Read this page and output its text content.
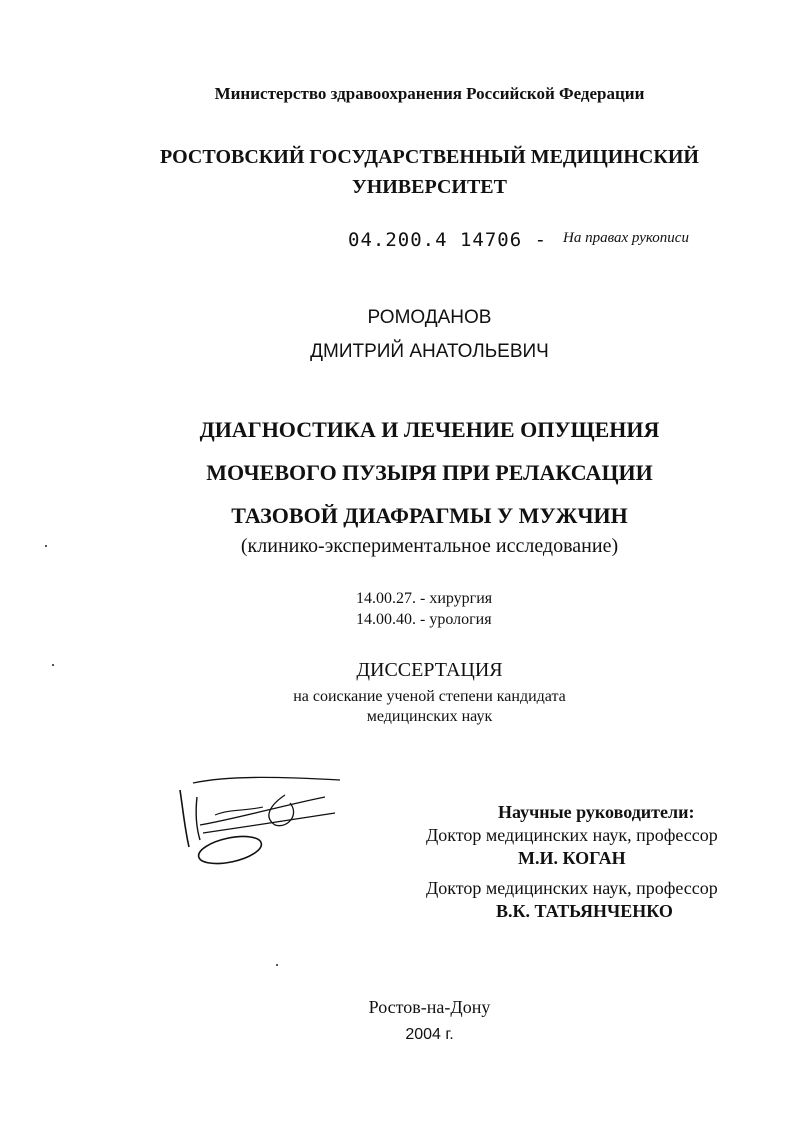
Министерство здравоохранения Российской Федерации
РОСТОВСКИЙ ГОСУДАРСТВЕННЫЙ МЕДИЦИНСКИЙ
УНИВЕРСИТЕТ
04.200.4 14706 - На правах рукописи
РОМОДАНОВ
ДМИТРИЙ АНАТОЛЬЕВИЧ
ДИАГНОСТИКА И ЛЕЧЕНИЕ ОПУЩЕНИЯ
МОЧЕВОГО ПУЗЫРЯ ПРИ РЕЛАКСАЦИИ
ТАЗОВОЙ ДИАФРАГМЫ У МУЖЧИН
(клинико-экспериментальное исследование)
14.00.27. - хирургия
14.00.40. - урология
ДИССЕРТАЦИЯ
на соискание ученой степени кандидата
медицинских наук
Научные руководители:
Доктор медицинских наук, профессор
М.И. КОГАН
Доктор медицинских наук, профессор
В.К. ТАТЬЯНЧЕНКО
Ростов-на-Дону
2004 г.
